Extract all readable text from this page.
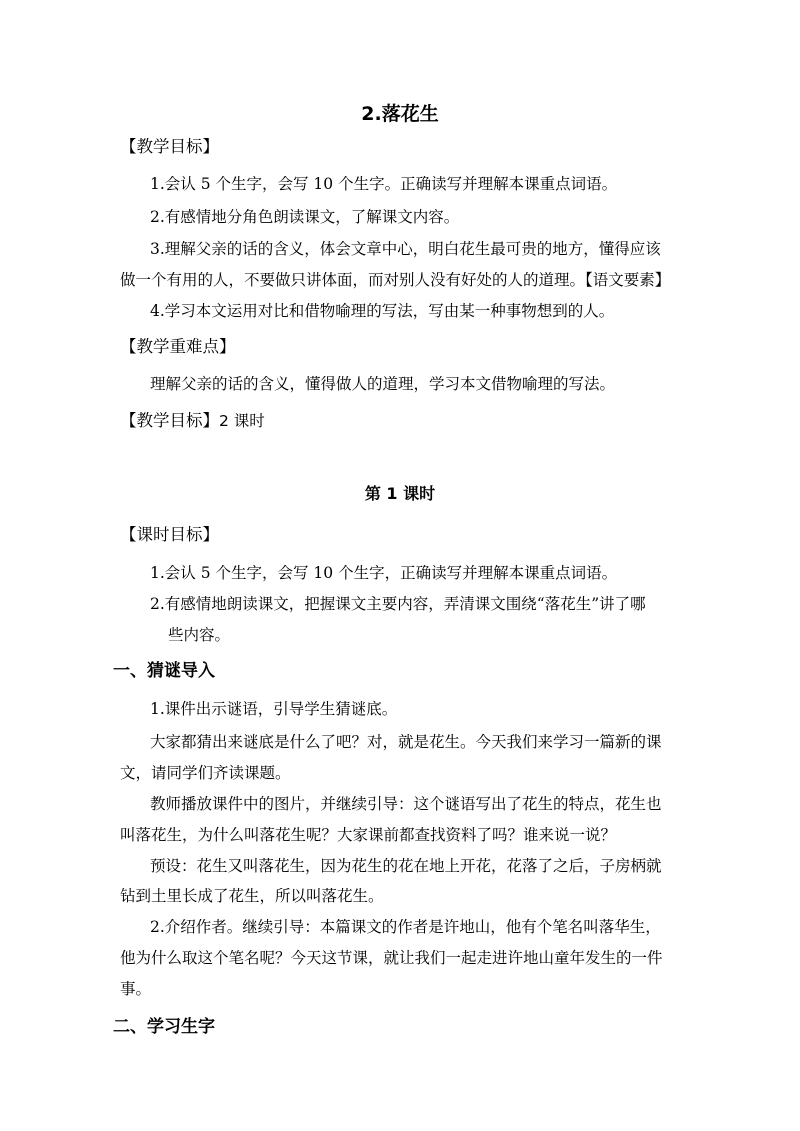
2.落花生
【教学目标】
1.会认 5 个生字，会写 10 个生字。正确读写并理解本课重点词语。
2.有感情地分角色朗读课文，了解课文内容。
3.理解父亲的话的含义，体会文章中心，明白花生最可贵的地方，懂得应该
做一个有用的人，不要做只讲体面，而对别人没有好处的人的道理。【语文要素】
4.学习本文运用对比和借物喻理的写法，写由某一种事物想到的人。
【教学重难点】
理解父亲的话的含义，懂得做人的道理，学习本文借物喻理的写法。
【教学目标】2 课时
第 1 课时
【课时目标】
1.会认 5 个生字，会写 10 个生字，正确读写并理解本课重点词语。
2.有感情地朗读课文，把握课文主要内容，弄清课文围绕“落花生”讲了哪
些内容。
一、猜谜导入
1.课件出示谜语，引导学生猜谜底。
大家都猜出来谜底是什么了吧？对，就是花生。今天我们来学习一篇新的课
文，请同学们齐读课题。
教师播放课件中的图片，并继续引导：这个谜语写出了花生的特点，花生也
叫落花生，为什么叫落花生呢？大家课前都查找资料了吗？谁来说一说？
预设：花生又叫落花生，因为花生的花在地上开花，花落了之后，子房柄就
钻到土里长成了花生，所以叫落花生。
2.介绍作者。继续引导：本篇课文的作者是许地山，他有个笔名叫落华生，
他为什么取这个笔名呢？今天这节课，就让我们一起走进许地山童年发生的一件
事。
二、学习生字
